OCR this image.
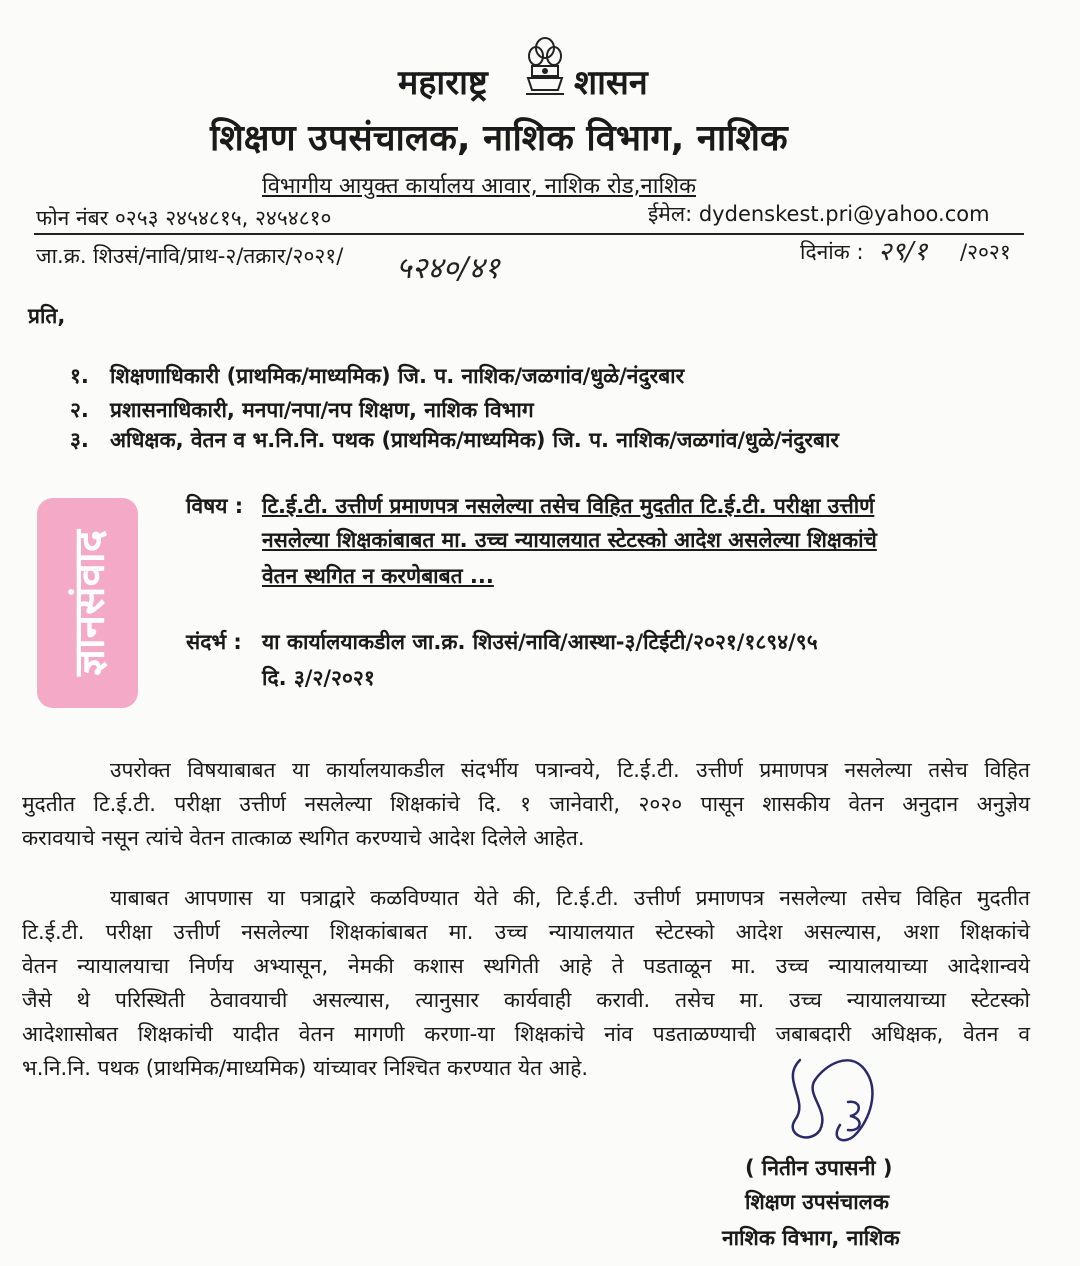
महाराष्ट्र	शासन
शिक्षण उपसंचालक, नाशिक विभाग, नाशिक
विभागीय आयुक्त कार्यालय आवार, नाशिक रोड,नाशिक
फोन नंबर ०२५३ २४५४८१५, २४५४८१०	ईमेल: dydenskest.pri@yahoo.com
जा.क्र. शिउसं/नावि/प्राथ-२/तक्रार/२०२१/ ५२४०/४१	दिनांक : २९/१ /२०२१
प्रति,
१. शिक्षणाधिकारी (प्राथमिक/माध्यमिक) जि. प. नाशिक/जळगांव/धुळे/नंदुरबार
२. प्रशासनाधिकारी, मनपा/नपा/नप शिक्षण, नाशिक विभाग
३. अधिक्षक, वेतन व भ.नि.नि. पथक (प्राथमिक/माध्यमिक) जि. प. नाशिक/जळगांव/धुळे/नंदुरबार
ज्ञानसंवाद
विषय : टि.ई.टी. उत्तीर्ण प्रमाणपत्र नसलेल्या तसेच विहित मुदतीत टि.ई.टी. परीक्षा उत्तीर्ण
नसलेल्या शिक्षकांबाबत मा. उच्च न्यायालयात स्टेटस्को आदेश असलेल्या शिक्षकांचे
वेतन स्थगित न करणेबाबत ...
संदर्भ : या कार्यालयाकडील जा.क्र. शिउसं/नावि/आस्था-३/टिईटी/२०२१/१८९४/९५
दि. ३/२/२०२१
उपरोक्त विषयाबाबत या कार्यालयाकडील संदर्भीय पत्रान्वये, टि.ई.टी. उत्तीर्ण प्रमाणपत्र नसलेल्या तसेच विहित
मुदतीत टि.ई.टी. परीक्षा उत्तीर्ण नसलेल्या शिक्षकांचे दि. १ जानेवारी, २०२० पासून शासकीय वेतन अनुदान अनुज्ञेय
करावयाचे नसून त्यांचे वेतन तात्काळ स्थगित करण्याचे आदेश दिलेले आहेत.
याबाबत आपणास या पत्राद्वारे कळविण्यात येते की, टि.ई.टी. उत्तीर्ण प्रमाणपत्र नसलेल्या तसेच विहित मुदतीत
टि.ई.टी. परीक्षा उत्तीर्ण नसलेल्या शिक्षकांबाबत मा. उच्च न्यायालयात स्टेटस्को आदेश असल्यास, अशा शिक्षकांचे
वेतन न्यायालयाचा निर्णय अभ्यासून, नेमकी कशास स्थगिती आहे ते पडताळून मा. उच्च न्यायालयाच्या आदेशान्वये
जैसे थे परिस्थिती ठेवावयाची असल्यास, त्यानुसार कार्यवाही करावी. तसेच मा. उच्च न्यायालयाच्या स्टेटस्को
आदेशासोबत शिक्षकांची यादीत वेतन मागणी करणा-या शिक्षकांचे नांव पडताळण्याची जबाबदारी अधिक्षक, वेतन व
भ.नि.नि. पथक (प्राथमिक/माध्यमिक) यांच्यावर निश्चित करण्यात येत आहे.
( नितीन उपासनी )
शिक्षण उपसंचालक
नाशिक विभाग, नाशिक
